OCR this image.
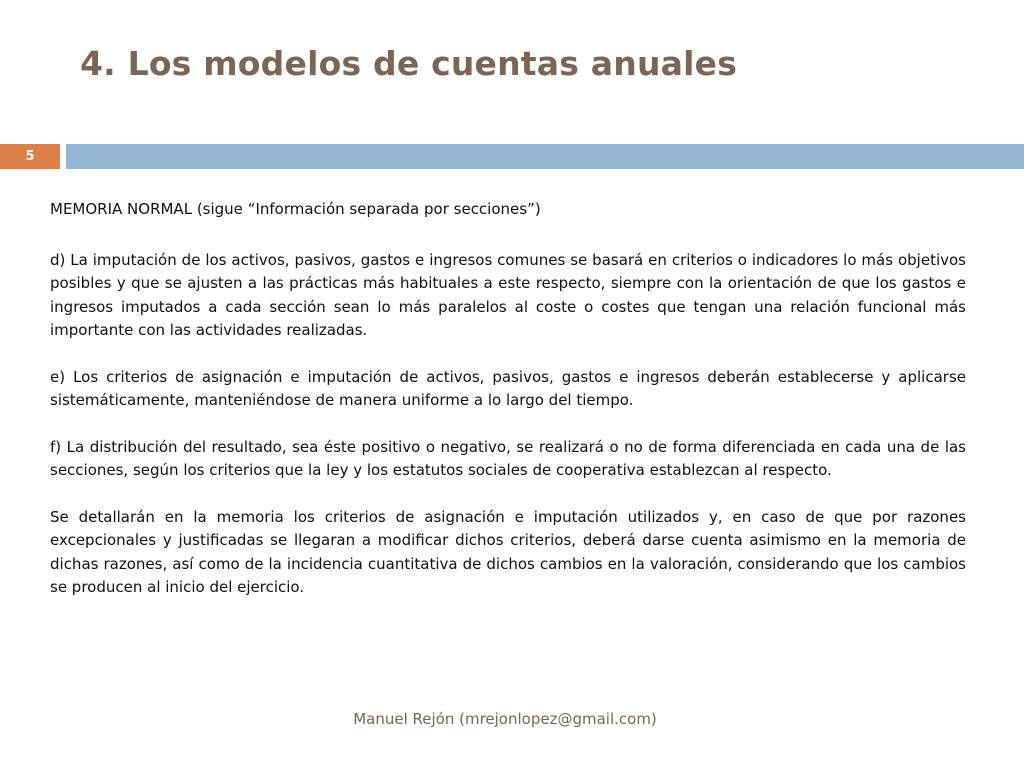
4. Los modelos de cuentas anuales
5

MEMORIA NORMAL (sigue “Información separada por secciones”)

d) La imputación de los activos, pasivos, gastos e ingresos comunes se basará en criterios o indicadores lo más objetivos posibles y que se ajusten a las prácticas más habituales a este respecto, siempre con la orientación de que los gastos e ingresos imputados a cada sección sean lo más paralelos al coste o costes que tengan una relación funcional más importante con las actividades realizadas.

e) Los criterios de asignación e imputación de activos, pasivos, gastos e ingresos deberán establecerse y aplicarse sistemáticamente, manteniéndose de manera uniforme a lo largo del tiempo.

f) La distribución del resultado, sea éste positivo o negativo, se realizará o no de forma diferenciada en cada una de las secciones, según los criterios que la ley y los estatutos sociales de cooperativa establezcan al respecto.

Se detallarán en la memoria los criterios de asignación e imputación utilizados y, en caso de que por razones excepcionales y justificadas se llegaran a modificar dichos criterios, deberá darse cuenta asimismo en la memoria de dichas razones, así como de la incidencia cuantitativa de dichos cambios en la valoración, considerando que los cambios se producen al inicio del ejercicio.

Manuel Rejón (mrejonlopez@gmail.com)
